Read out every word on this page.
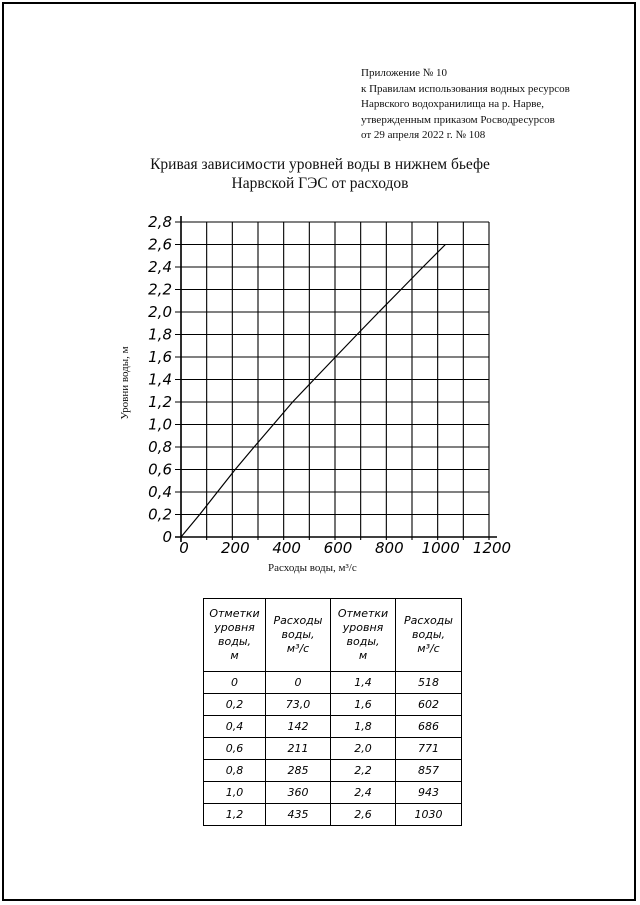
Приложение № 10
к Правилам использования водных ресурсов
Нарвского водохранилища на р. Нарве,
утвержденным приказом Росводресурсов
от 29 апреля 2022 г. № 108
Кривая зависимости уровней воды в нижнем бьефе
Нарвской ГЭС от расходов
0
0,2
0,4
0,6
0,8
1,0
1,2
1,4
1,6
1,8
2,0
2,2
2,4
2,6
2,8
0 200 400 600 800 1000 1200
Уровни воды, м
Расходы воды, м³/с
Отметки
уровня
воды,
м	Расходы
воды,
м³/с	Отметки
уровня
воды,
м	Расходы
воды,
м³/с
0	0	1,4	518
0,2	73,0	1,6	602
0,4	142	1,8	686
0,6	211	2,0	771
0,8	285	2,2	857
1,0	360	2,4	943
1,2	435	2,6	1030
